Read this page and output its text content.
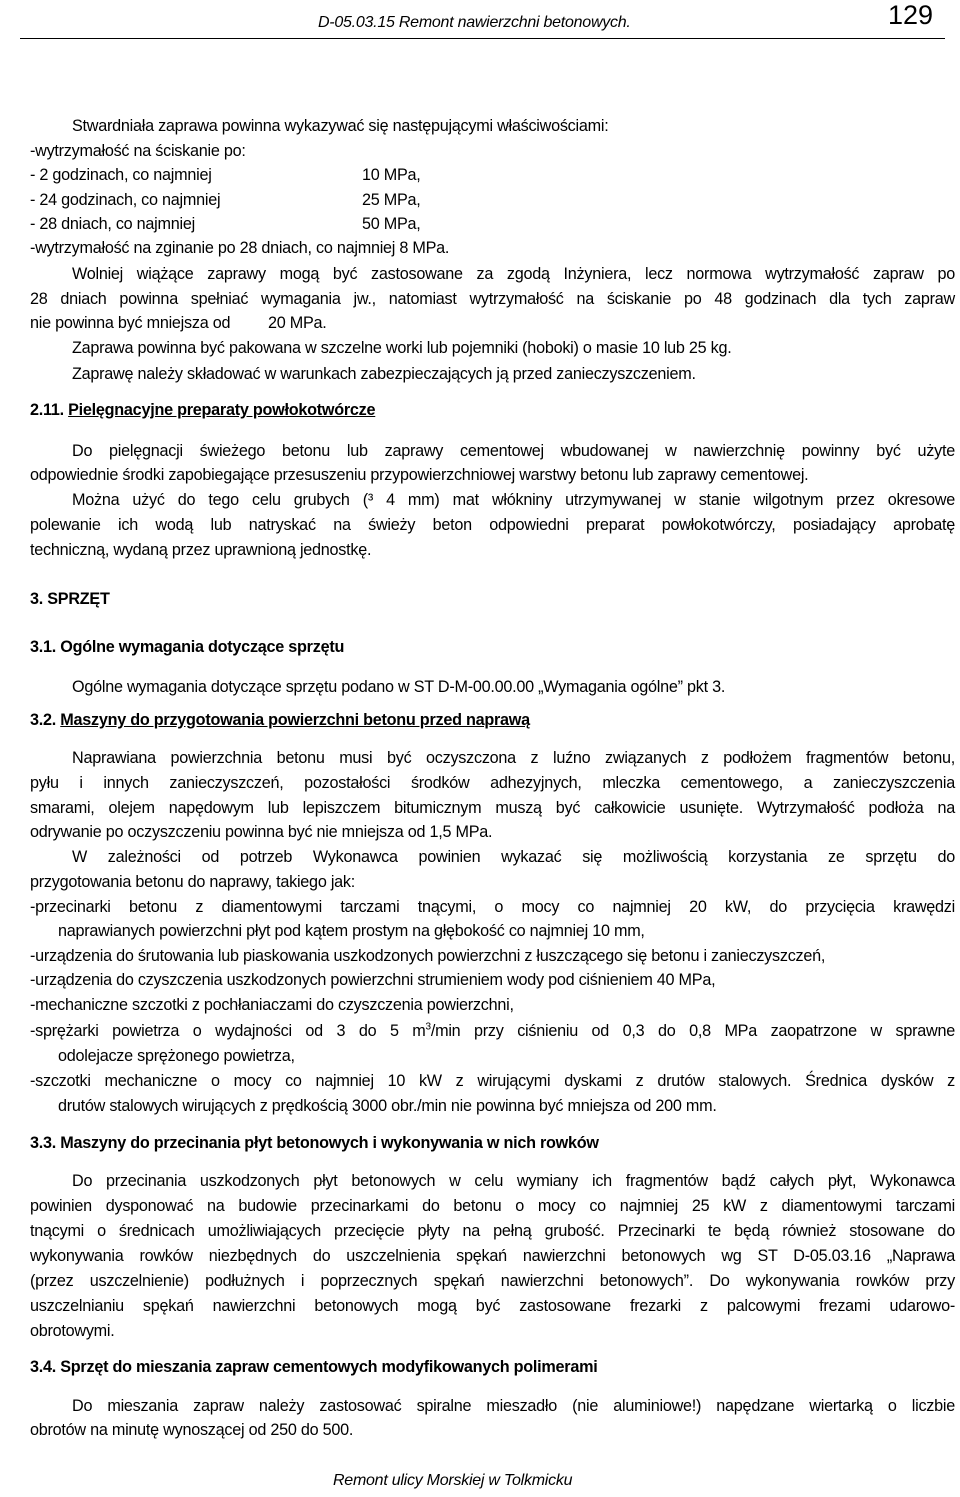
D-05.03.15 Remont nawierzchni betonowych.	129
Stwardniała zaprawa powinna wykazywać się następującymi właściwościami:
-wytrzymałość na ściskanie po:
- 2 godzinach, co najmniej	10 MPa,
- 24 godzinach, co najmniej	25 MPa,
- 28 dniach, co najmniej	50 MPa,
-wytrzymałość na zginanie po 28 dniach, co najmniej 8 MPa.
Wolniej wiążące zaprawy mogą być zastosowane za zgodą Inżyniera, lecz normowa wytrzymałość zapraw po
28 dniach powinna spełniać wymagania jw., natomiast wytrzymałość na ściskanie po 48 godzinach dla tych zapraw
nie powinna być mniejsza od 20 MPa.
Zaprawa powinna być pakowana w szczelne worki lub pojemniki (hoboki) o masie 10 lub 25 kg.
Zaprawę należy składować w warunkach zabezpieczających ją przed zanieczyszczeniem.
2.11. Pielęgnacyjne preparaty powłokotwórcze
Do pielęgnacji świeżego betonu lub zaprawy cementowej wbudowanej w nawierzchnię powinny być użyte
odpowiednie środki zapobiegające przesuszeniu przypowierzchniowej warstwy betonu lub zaprawy cementowej.
Można użyć do tego celu grubych (³ 4 mm) mat włókniny utrzymywanej w stanie wilgotnym przez okresowe
polewanie ich wodą lub natryskać na świeży beton odpowiedni preparat powłokotwórczy, posiadający aprobatę
techniczną, wydaną przez uprawnioną jednostkę.
3. SPRZĘT
3.1. Ogólne wymagania dotyczące sprzętu
Ogólne wymagania dotyczące sprzętu podano w ST D-M-00.00.00 „Wymagania ogólne” pkt 3.
3.2. Maszyny do przygotowania powierzchni betonu przed naprawą
Naprawiana powierzchnia betonu musi być oczyszczona z luźno związanych z podłożem fragmentów betonu,
pyłu i innych zanieczyszczeń, pozostałości środków adhezyjnych, mleczka cementowego, a zanieczyszczenia
smarami, olejem napędowym lub lepiszczem bitumicznym muszą być całkowicie usunięte. Wytrzymałość podłoża na
odrywanie po oczyszczeniu powinna być nie mniejsza od 1,5 MPa.
W zależności od potrzeb Wykonawca powinien wykazać się możliwością korzystania ze sprzętu do
przygotowania betonu do naprawy, takiego jak:
-przecinarki betonu z diamentowymi tarczami tnącymi, o mocy co najmniej 20 kW, do przycięcia krawędzi
naprawianych powierzchni płyt pod kątem prostym na głębokość co najmniej 10 mm,
-urządzenia do śrutowania lub piaskowania uszkodzonych powierzchni z łuszczącego się betonu i zanieczyszczeń,
-urządzenia do czyszczenia uszkodzonych powierzchni strumieniem wody pod ciśnieniem 40 MPa,
-mechaniczne szczotki z pochłaniaczami do czyszczenia powierzchni,
-sprężarki powietrza o wydajności od 3 do 5 $m^3/\min$ przy ciśnieniu od 0,3 do 0,8 MPa zaopatrzone w sprawne
odolejacze sprężonego powietrza,
-szczotki mechaniczne o mocy co najmniej 10 kW z wirującymi dyskami z drutów stalowych. Średnica dysków z
drutów stalowych wirujących z prędkością 3000 obr./min nie powinna być mniejsza od 200 mm.
3.3. Maszyny do przecinania płyt betonowych i wykonywania w nich rowków
Do przecinania uszkodzonych płyt betonowych w celu wymiany ich fragmentów bądź całych płyt, Wykonawca
powinien dysponować na budowie przecinarkami do betonu o mocy co najmniej 25 kW z diamentowymi tarczami
tnącymi o średnicach umożliwiających przecięcie płyty na pełną grubość. Przecinarki te będą również stosowane do
wykonywania rowków niezbędnych do uszczelnienia spękań nawierzchni betonowych wg ST D-05.03.16 „Naprawa
(przez uszczelnienie) podłużnych i poprzecznych spękań nawierzchni betonowych”. Do wykonywania rowków przy
uszczelnianiu spękań nawierzchni betonowych mogą być zastosowane frezarki z palcowymi frezami udarowo-
obrotowymi.
3.4. Sprzęt do mieszania zapraw cementowych modyfikowanych polimerami
Do mieszania zapraw należy zastosować spiralne mieszadło (nie aluminiowe!) napędzane wiertarką o liczbie
obrotów na minutę wynoszącej od 250 do 500.
Remont ulicy Morskiej w Tolkmicku
